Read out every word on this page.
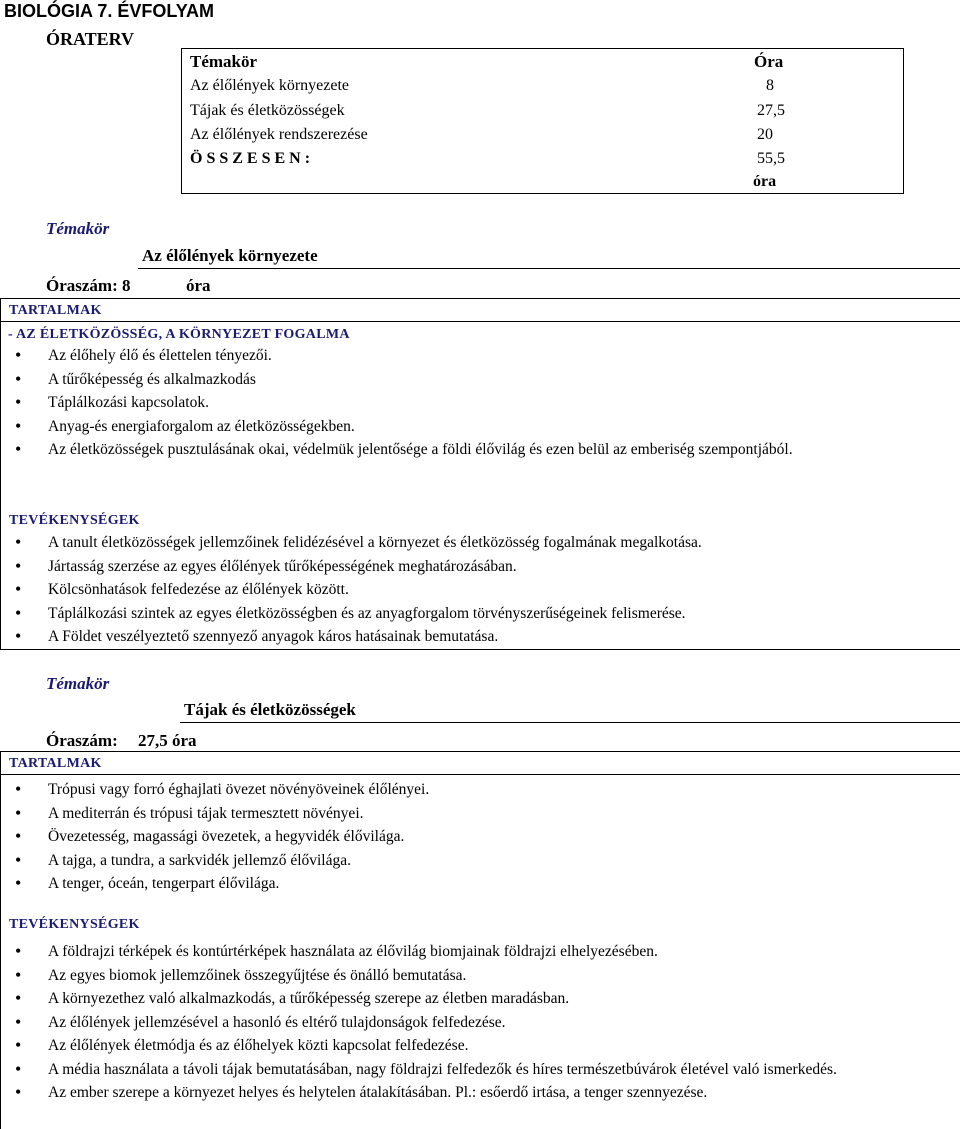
BIOLÓGIA 7. ÉVFOLYAM
ÓRATERV
Témakör	Óra
Az élőlények környezete	8
Tájak és életközösségek	27,5
Az élőlények rendszerezése	20
Ö S S Z E S E N :	55,5
óra
Témakör
Az élőlények környezete
Óraszám: 8	óra
TARTALMAK
- AZ ÉLETKÖZÖSSÉG, A KÖRNYEZET FOGALMA
• Az élőhely élő és élettelen tényezői.
• A tűrőképesség és alkalmazkodás
• Táplálkozási kapcsolatok.
• Anyag-és energiaforgalom az életközösségekben.
• Az életközösségek pusztulásának okai, védelmük jelentősége a földi élővilág és ezen belül az emberiség szempontjából.
TEVÉKENYSÉGEK
• A tanult életközösségek jellemzőinek felidézésével a környezet és életközösség fogalmának megalkotása.
• Jártasság szerzése az egyes élőlények tűrőképességének meghatározásában.
• Kölcsönhatások felfedezése az élőlények között.
• Táplálkozási szintek az egyes életközösségben és az anyagforgalom törvényszerűségeinek felismerése.
• A Földet veszélyeztető szennyező anyagok káros hatásainak bemutatása.
Témakör
Tájak és életközösségek
Óraszám: 27,5 óra
TARTALMAK
• Trópusi vagy forró éghajlati övezet növényöveinek élőlényei.
• A mediterrán és trópusi tájak termesztett növényei.
• Övezetesség, magassági övezetek, a hegyvidék élővilága.
• A tajga, a tundra, a sarkvidék jellemző élővilága.
• A tenger, óceán, tengerpart élővilága.
TEVÉKENYSÉGEK
• A földrajzi térképek és kontúrtérképek használata az élővilág biomjainak földrajzi elhelyezésében.
• Az egyes biomok jellemzőinek összegyűjtése és önálló bemutatása.
• A környezethez való alkalmazkodás, a tűrőképesség szerepe az életben maradásban.
• Az élőlények jellemzésével a hasonló és eltérő tulajdonságok felfedezése.
• Az élőlények életmódja és az élőhelyek közti kapcsolat felfedezése.
• A média használata a távoli tájak bemutatásában, nagy földrajzi felfedezők és híres természetbúvárok életével való ismerkedés.
• Az ember szerepe a környezet helyes és helytelen átalakításában. Pl.: esőerdő irtása, a tenger szennyezése.
